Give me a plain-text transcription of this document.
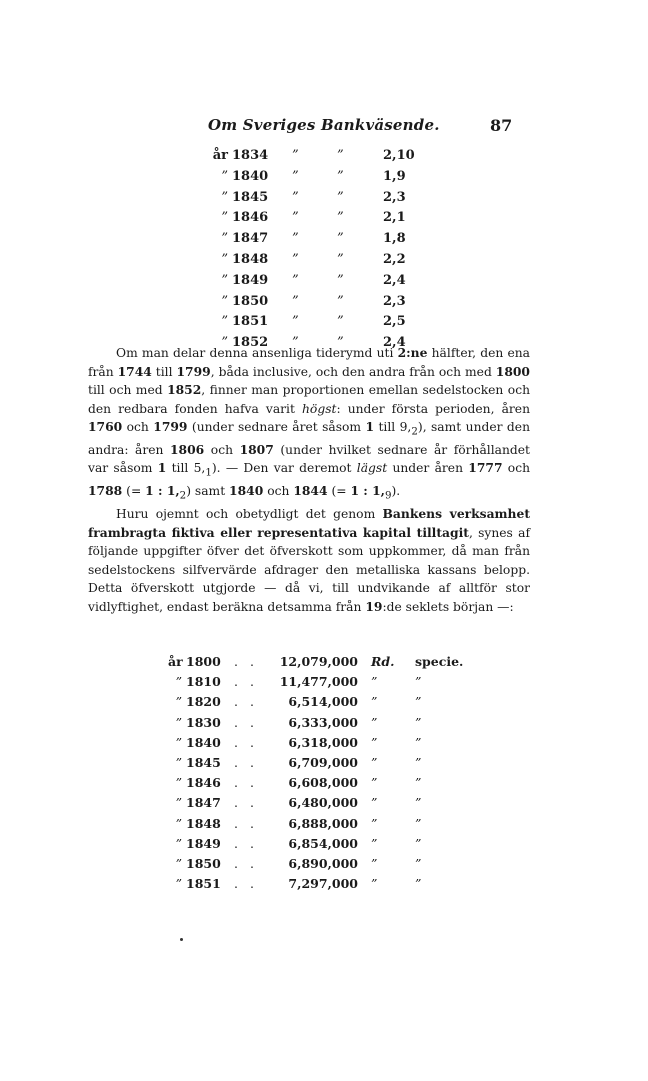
Om Sveriges Bankväsende.	87
år 1834 ”	”	2,10
” 1840 ”	”	1,9
” 1845 ”	”	2,3
” 1846 ”	”	2,1
” 1847 ”	”	1,8
” 1848 ”	”	2,2
” 1849 ”	”	2,4
” 1850 ”	”	2,3
” 1851 ”	”	2,5
” 1852 ”	”	2,4

Om man delar denna ansenliga tiderymd uti 2:ne hälfter, den ena från 1744 till 1799, båda inclusive, och den andra från och med 1800 till och med 1852, finner man proportionen emellan sedelstocken och den redbara fonden hafva varit högst: under första perioden, åren 1760 och 1799 (under sednare året såsom 1 till $9,_2$), samt under den andra: åren 1806 och 1807 (under hvilket sednare år förhållandet var såsom 1 till $5,_1$). — Den var deremot lägst under åren 1777 och 1788 (= 1 : $1,_2$) samt 1840 och 1844 (= 1 : $1,_9$).

Huru ojemnt och obetydligt det genom Bankens verksamhet frambragta fiktiva eller representativa kapital tilltagit, synes af följande uppgifter öfver det öfverskott som uppkommer, då man från sedelstockens silfvervärde afdrager den metalliska kassans belopp. Detta öfverskott utgjorde — då vi, till undvikande af alltför stor vidlyftighet, endast beräkna detsamma från 19:de seklets början —:

år 1800 . .	12,079,000 Rd. specie.
” 1810 . .	11,477,000 ”	”
” 1820 . .	6,514,000 ”	”
” 1830 . .	6,333,000 ”	”
” 1840 . .	6,318,000 ”	”
” 1845 . .	6,709,000 ”	”
” 1846 . .	6,608,000 ”	”
” 1847 . .	6,480,000 ”	”
” 1848 . .	6,888,000 ”	”
” 1849 . .	6,854,000 ”	”
” 1850 . .	6,890,000 ”	”
” 1851 . .	7,297,000 ”	”
